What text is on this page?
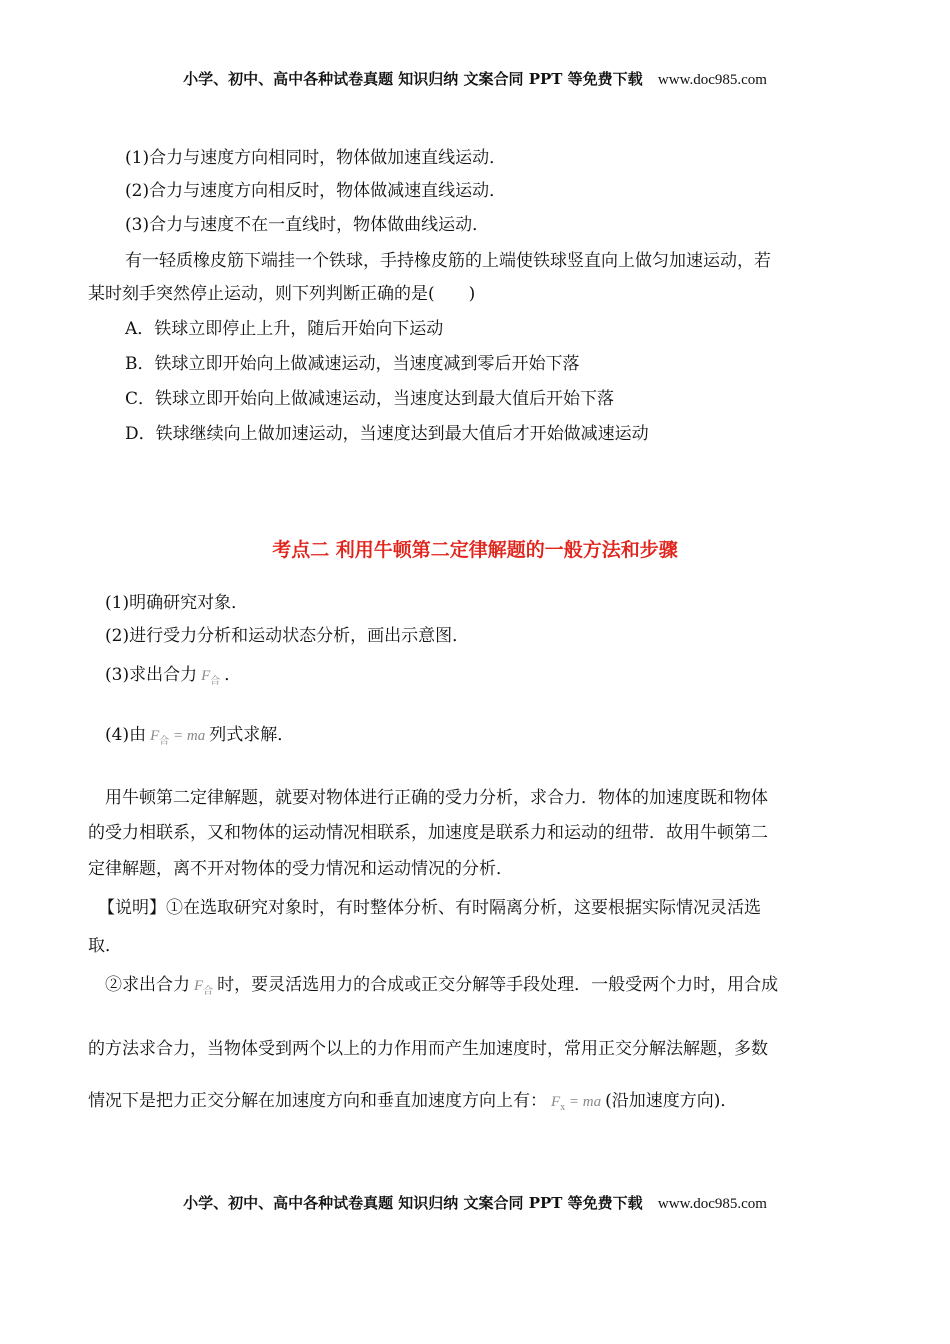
小学、初中、高中各种试卷真题 知识归纳 文案合同 PPT 等免费下载 www.doc985.com
(1)合力与速度方向相同时，物体做加速直线运动．
(2)合力与速度方向相反时，物体做减速直线运动．
(3)合力与速度不在一直线时，物体做曲线运动．
有一轻质橡皮筋下端挂一个铁球，手持橡皮筋的上端使铁球竖直向上做匀加速运动，若
某时刻手突然停止运动，则下列判断正确的是(　　)
A．铁球立即停止上升，随后开始向下运动
B．铁球立即开始向上做减速运动，当速度减到零后开始下落
C．铁球立即开始向上做减速运动，当速度达到最大值后开始下落
D．铁球继续向上做加速运动，当速度达到最大值后才开始做减速运动
考点二 利用牛顿第二定律解题的一般方法和步骤
(1)明确研究对象．
(2)进行受力分析和运动状态分析，画出示意图．
(3)求出合力 $F_合$ ．
(4)由 $F_合$ = ma 列式求解．
用牛顿第二定律解题，就要对物体进行正确的受力分析，求合力．物体的加速度既和物体
的受力相联系，又和物体的运动情况相联系，加速度是联系力和运动的纽带．故用牛顿第二
定律解题，离不开对物体的受力情况和运动情况的分析．
【说明】①在选取研究对象时，有时整体分析、有时隔离分析，这要根据实际情况灵活选
取．
②求出合力 $F_合$ 时，要灵活选用力的合成或正交分解等手段处理．一般受两个力时，用合成
的方法求合力，当物体受到两个以上的力作用而产生加速度时，常用正交分解法解题，多数
情况下是把力正交分解在加速度方向和垂直加速度方向上有： $F_x$ = ma (沿加速度方向)．
小学、初中、高中各种试卷真题 知识归纳 文案合同 PPT 等免费下载 www.doc985.com
